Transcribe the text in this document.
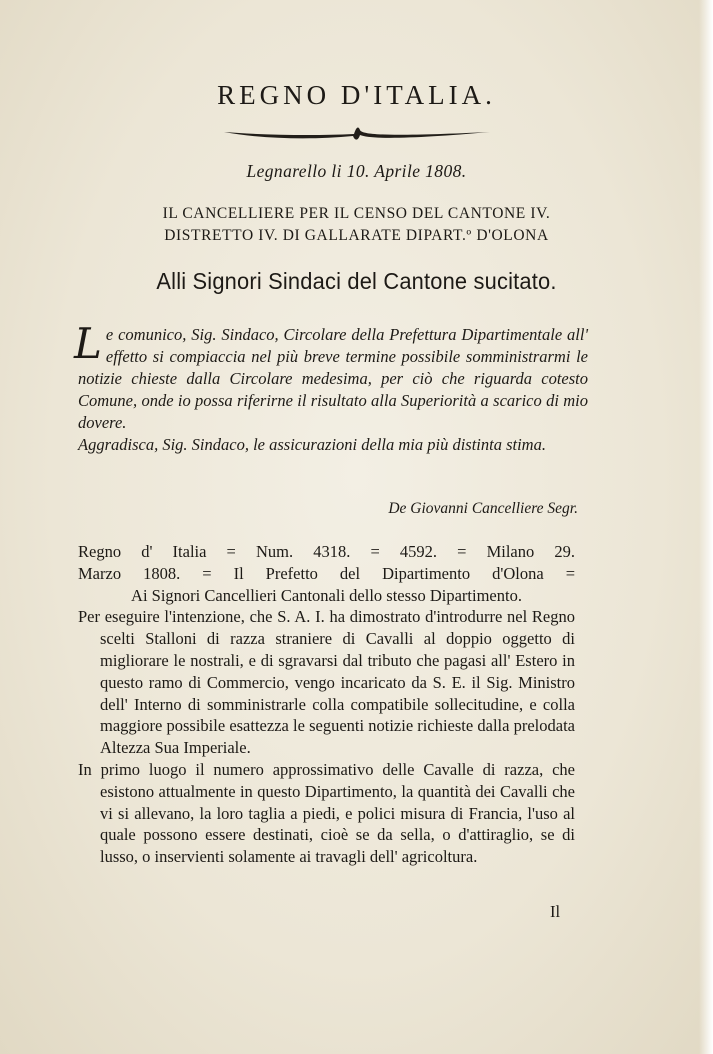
REGNO D'ITALIA.
Legnarello li 10. Aprile 1808.
IL CANCELLIERE PER IL CENSO DEL CANTONE IV.
DISTRETTO IV. DI GALLARATE DIPART.º D'OLONA
Alli Signori Sindaci del Cantone sucitato.

Le comunico, Sig. Sindaco, Circolare della Prefettura Dipartimentale all' effetto si compiaccia nel più breve termine possibile somministrarmi le notizie chieste dalla Circolare medesima, per ciò che riguarda cotesto Comune, onde io possa riferirne il risultato alla Superiorità a scarico di mio dovere.

Aggradisca, Sig. Sindaco, le assicurazioni della mia più distinta stima.

De Giovanni Cancelliere Segr.

Regno d' Italia = Num. 4318. = 4592. = Milano 29.

Marzo 1808. = Il Prefetto del Dipartimento d'Olona =

Ai Signori Cancellieri Cantonali dello stesso Dipartimento.

Per eseguire l'intenzione, che S. A. I. ha dimostrato d'introdurre nel Regno scelti Stalloni di razza straniere di Cavalli al doppio oggetto di migliorare le nostrali, e di sgravarsi dal tributo che pagasi all' Estero in questo ramo di Commercio, vengo incaricato da S. E. il Sig. Ministro dell' Interno di somministrarle colla compatibile sollecitudine, e colla maggiore possibile esattezza le seguenti notizie richieste dalla prelodata Altezza Sua Imperiale.

In primo luogo il numero approssimativo delle Cavalle di razza, che esistono attualmente in questo Dipartimento, la quantità dei Cavalli che vi si allevano, la loro taglia a piedi, e polici misura di Francia, l'uso al quale possono essere destinati, cioè se da sella, o d'attiraglio, se di lusso, o inservienti solamente ai travagli dell' agricoltura.

Il
